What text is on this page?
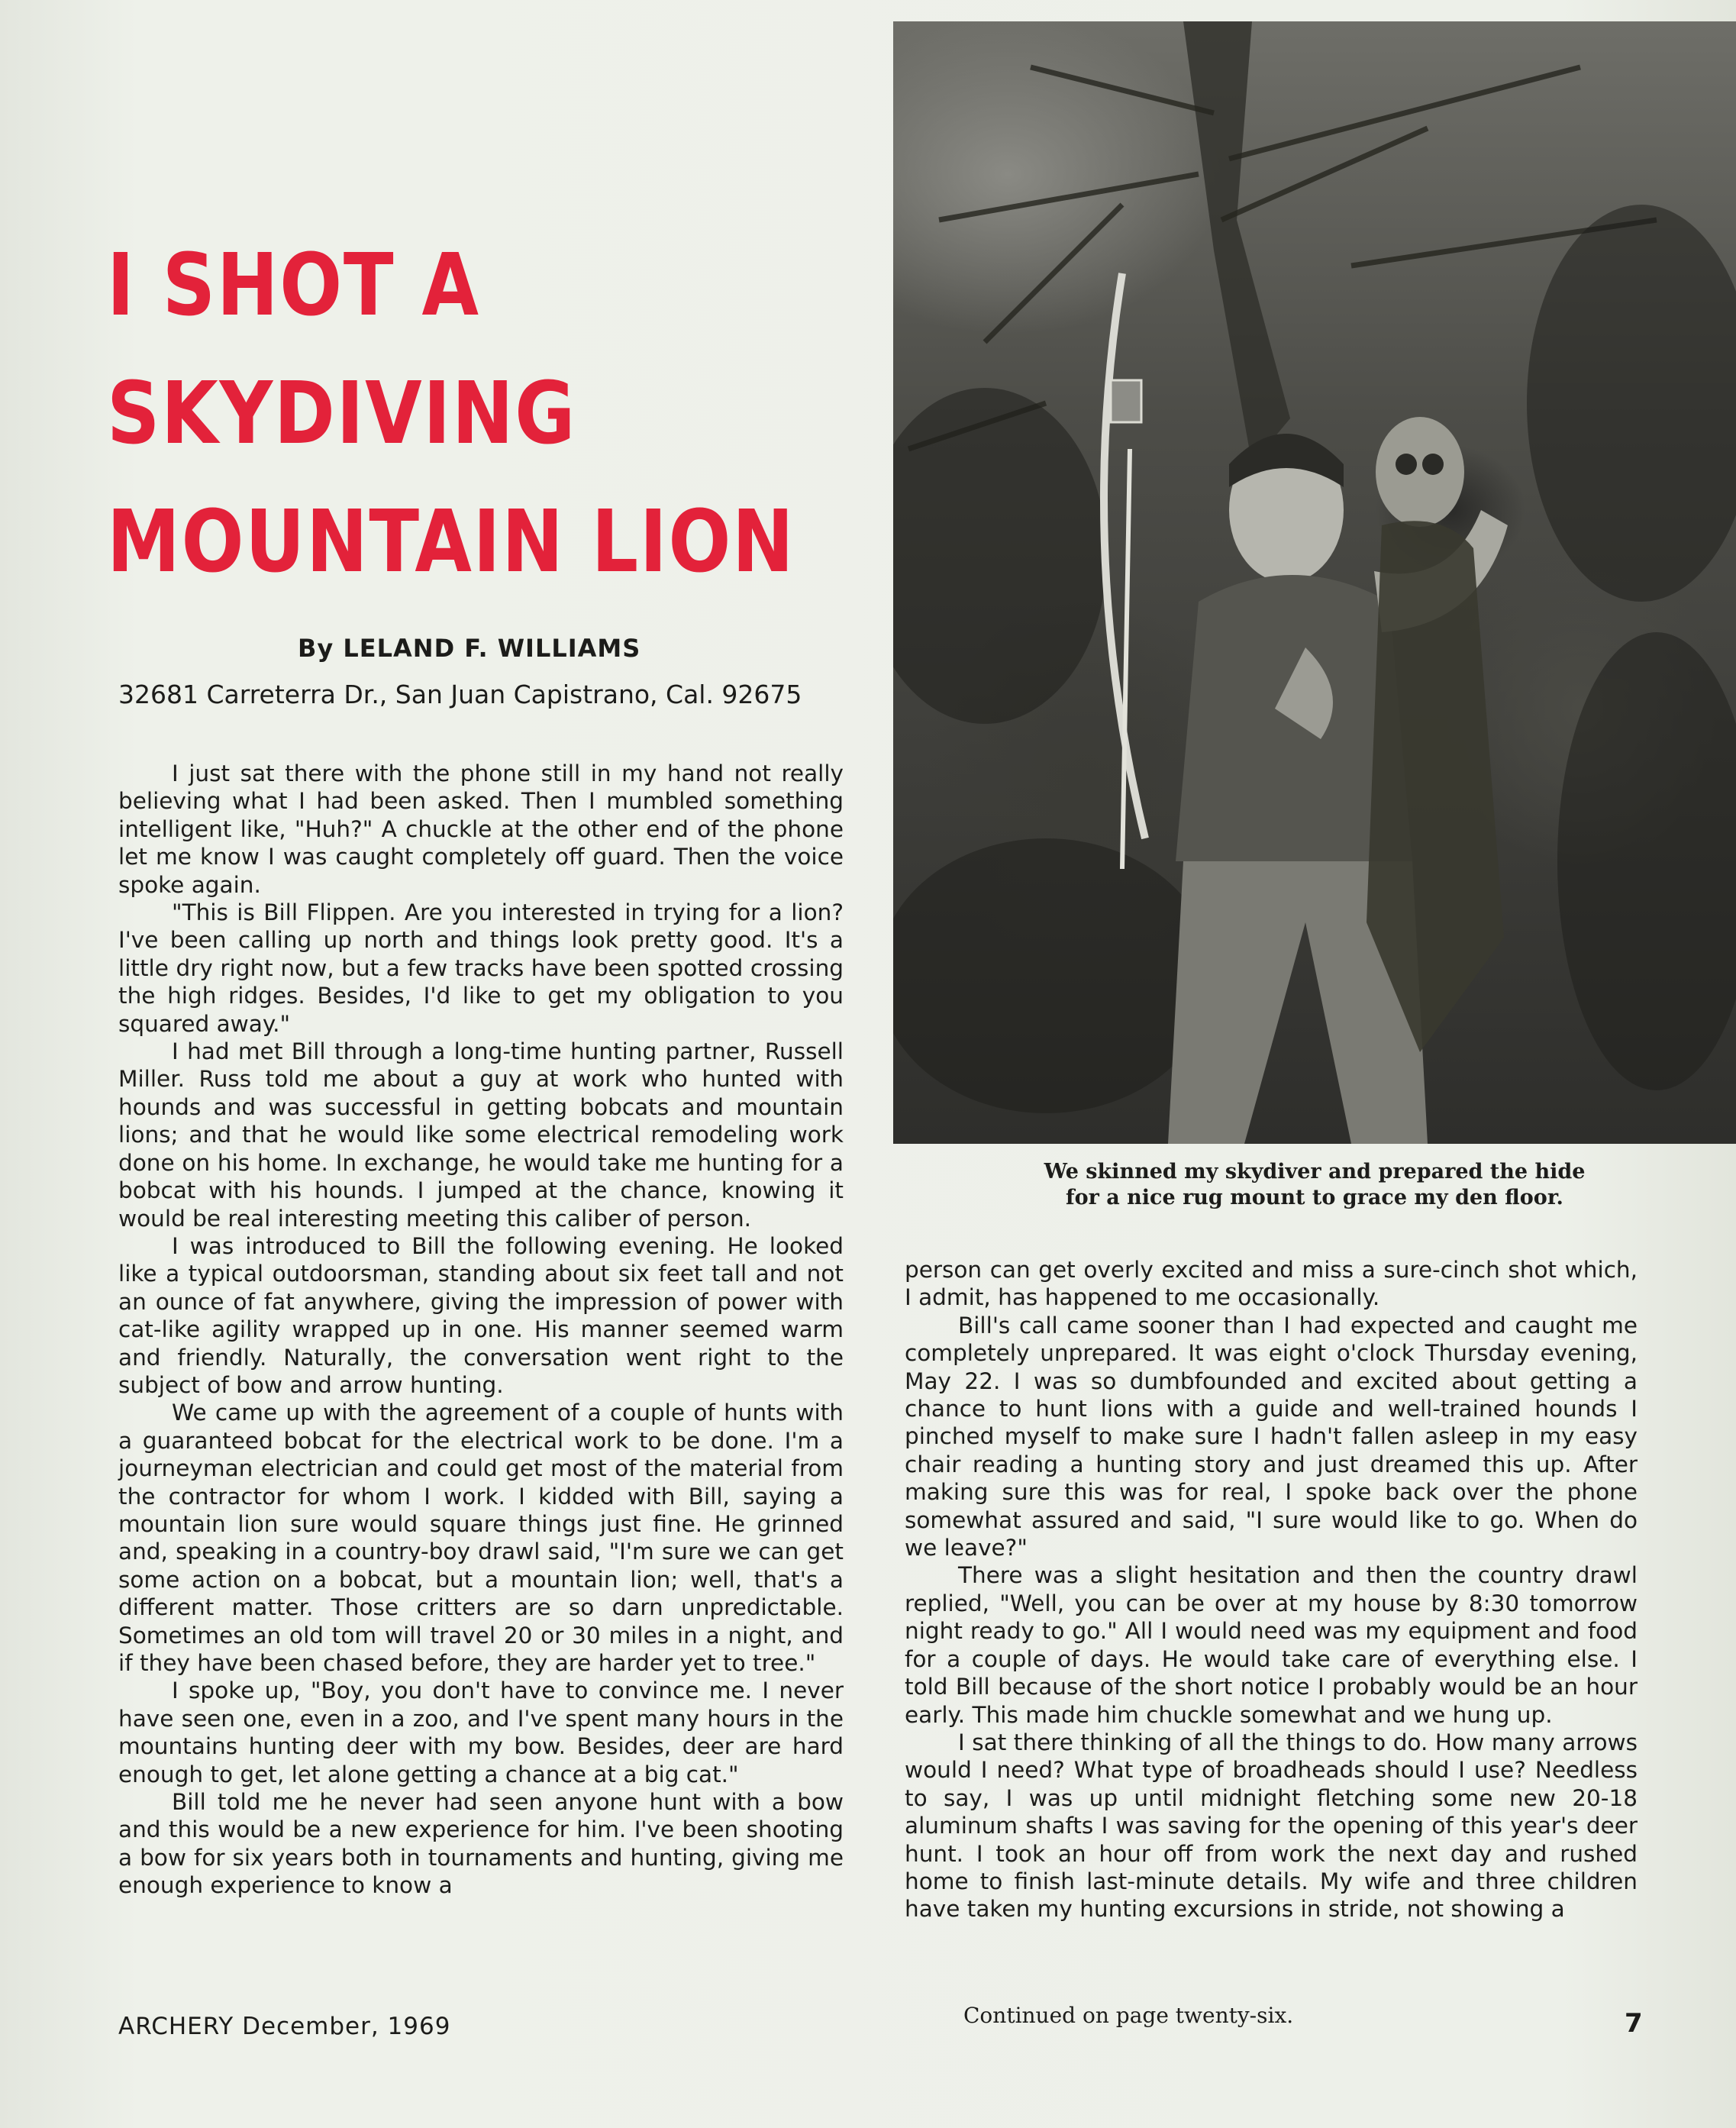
I SHOT A
SKYDIVING
MOUNTAIN LION
By LELAND F. WILLIAMS
32681 Carreterra Dr., San Juan Capistrano, Cal. 92675

I just sat there with the phone still in my hand not really believing what I had been asked. Then I mumbled something intelligent like, "Huh?" A chuckle at the other end of the phone let me know I was caught completely off guard. Then the voice spoke again.

"This is Bill Flippen. Are you interested in trying for a lion? I've been calling up north and things look pretty good. It's a little dry right now, but a few tracks have been spotted crossing the high ridges. Besides, I'd like to get my obligation to you squared away."

I had met Bill through a long-time hunting partner, Russell Miller. Russ told me about a guy at work who hunted with hounds and was successful in getting bobcats and mountain lions; and that he would like some electrical remodeling work done on his home. In exchange, he would take me hunting for a bobcat with his hounds. I jumped at the chance, knowing it would be real interesting meeting this caliber of person.

I was introduced to Bill the following evening. He looked like a typical outdoorsman, standing about six feet tall and not an ounce of fat anywhere, giving the impression of power with cat-like agility wrapped up in one. His manner seemed warm and friendly. Naturally, the conversation went right to the subject of bow and arrow hunting.

We came up with the agreement of a couple of hunts with a guaranteed bobcat for the electrical work to be done. I'm a journeyman electrician and could get most of the material from the contractor for whom I work. I kidded with Bill, saying a mountain lion sure would square things just fine. He grinned and, speaking in a country-boy drawl said, "I'm sure we can get some action on a bobcat, but a mountain lion; well, that's a different matter. Those critters are so darn unpredictable. Sometimes an old tom will travel 20 or 30 miles in a night, and if they have been chased before, they are harder yet to tree."

I spoke up, "Boy, you don't have to convince me. I never have seen one, even in a zoo, and I've spent many hours in the mountains hunting deer with my bow. Besides, deer are hard enough to get, let alone getting a chance at a big cat."

Bill told me he never had seen anyone hunt with a bow and this would be a new experience for him. I've been shooting a bow for six years both in tournaments and hunting, giving me enough experience to know a

We skinned my skydiver and prepared the hide
for a nice rug mount to grace my den floor.

person can get overly excited and miss a sure-cinch shot which, I admit, has happened to me occasionally.

Bill's call came sooner than I had expected and caught me completely unprepared. It was eight o'clock Thursday evening, May 22. I was so dumbfounded and excited about getting a chance to hunt lions with a guide and well-trained hounds I pinched myself to make sure I hadn't fallen asleep in my easy chair reading a hunting story and just dreamed this up. After making sure this was for real, I spoke back over the phone somewhat assured and said, "I sure would like to go. When do we leave?"

There was a slight hesitation and then the country drawl replied, "Well, you can be over at my house by 8:30 tomorrow night ready to go." All I would need was my equipment and food for a couple of days. He would take care of everything else. I told Bill because of the short notice I probably would be an hour early. This made him chuckle somewhat and we hung up.

I sat there thinking of all the things to do. How many arrows would I need? What type of broadheads should I use? Needless to say, I was up until midnight fletching some new 20-18 aluminum shafts I was saving for the opening of this year's deer hunt. I took an hour off from work the next day and rushed home to finish last-minute details. My wife and three children have taken my hunting excursions in stride, not showing a

Continued on page twenty-six.
ARCHERY December, 1969	7
